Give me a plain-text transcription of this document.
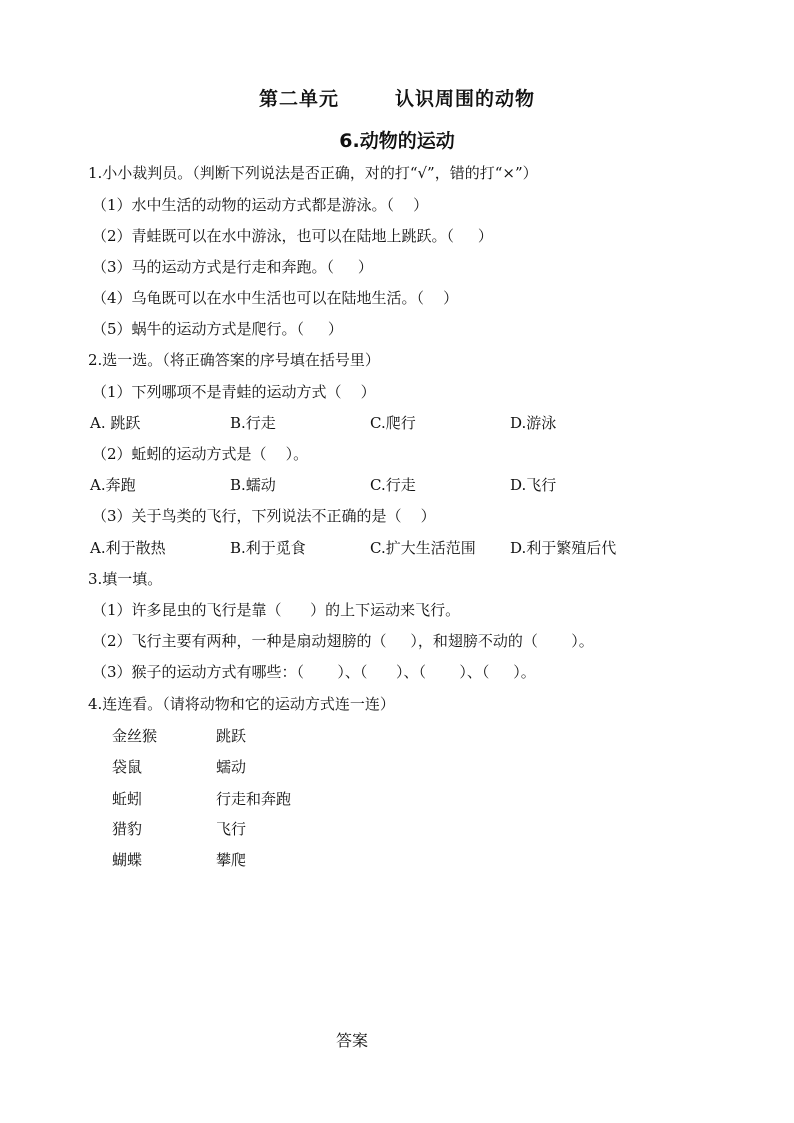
第二单元	认识周围的动物
6.动物的运动
1.小小裁判员。（判断下列说法是否正确，对的打“√”，错的打“×”）
（1）水中生活的动物的运动方式都是游泳。（    ）
（2）青蛙既可以在水中游泳，也可以在陆地上跳跃。（     ）
（3）马的运动方式是行走和奔跑。（     ）
（4）乌龟既可以在水中生活也可以在陆地生活。（    ）
（5）蜗牛的运动方式是爬行。（     ）
2.选一选。（将正确答案的序号填在括号里）
（1）下列哪项不是青蛙的运动方式（    ）
A. 跳跃	B.行走	C.爬行	D.游泳
（2）蚯蚓的运动方式是（    ）。
A.奔跑	B.蠕动	C.行走	D.飞行
（3）关于鸟类的飞行，下列说法不正确的是（    ）
A.利于散热	B.利于觅食	C.扩大生活范围 D.利于繁殖后代
3.填一填。
（1）许多昆虫的飞行是靠（      ）的上下运动来飞行。
（2）飞行主要有两种，一种是扇动翅膀的（     ），和翅膀不动的（       ）。
（3）猴子的运动方式有哪些：（       ）、（      ）、（       ）、（     ）。
4.连连看。（请将动物和它的运动方式连一连）
金丝猴	跳跃
袋鼠	蠕动
蚯蚓	行走和奔跑
猎豹	飞行
蝴蝶	攀爬
答案
